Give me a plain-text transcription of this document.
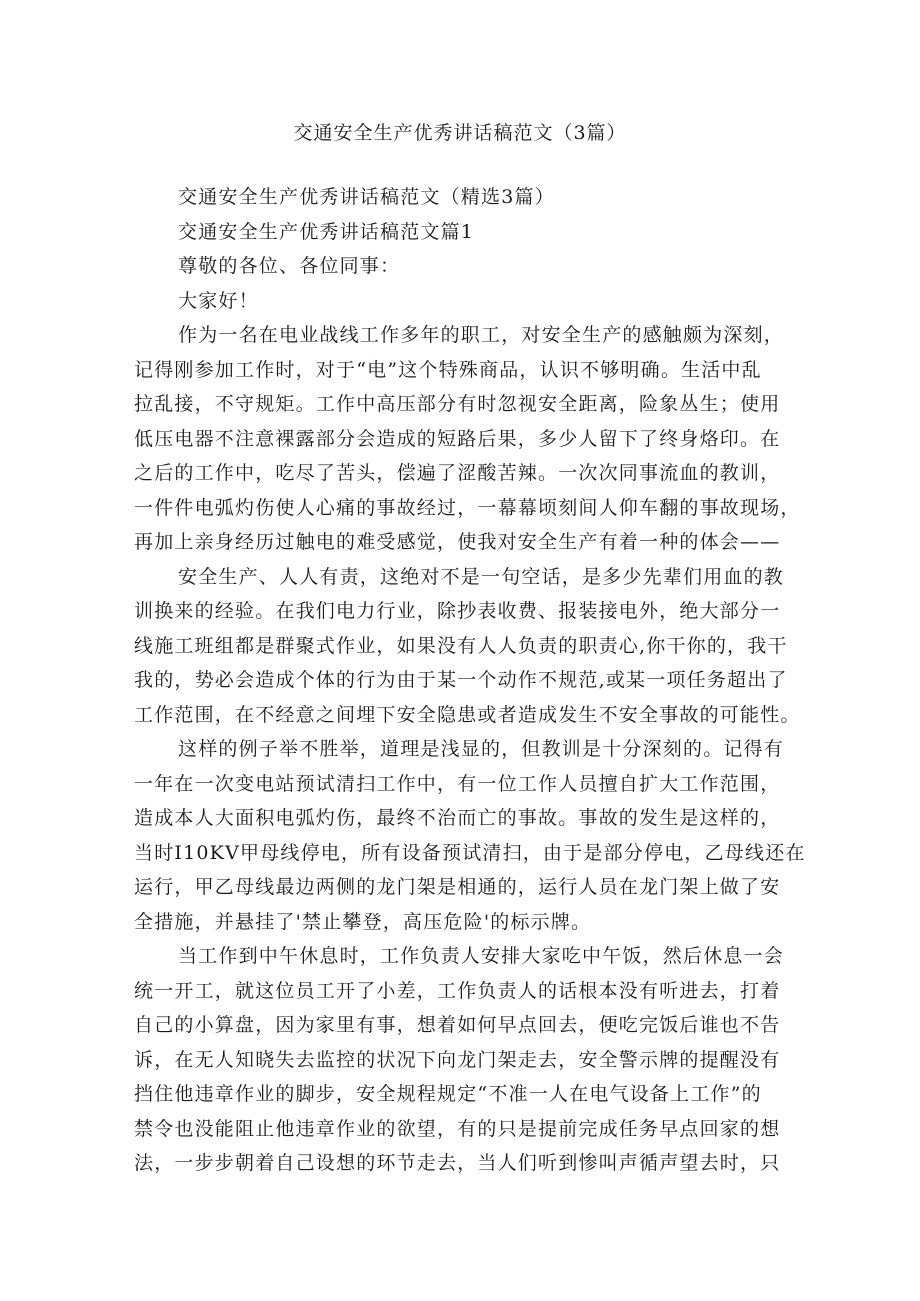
交通安全生产优秀讲话稿范文（3篇）
交通安全生产优秀讲话稿范文（精选3篇）
交通安全生产优秀讲话稿范文篇1
尊敬的各位、各位同事：
大家好！
作为一名在电业战线工作多年的职工，对安全生产的感触颇为深刻，
记得刚参加工作时，对于“电”这个特殊商品，认识不够明确。生活中乱
拉乱接，不守规矩。工作中高压部分有时忽视安全距离，险象丛生；使用
低压电器不注意裸露部分会造成的短路后果，多少人留下了终身烙印。在
之后的工作中，吃尽了苦头，偿遍了涩酸苦辣。一次次同事流血的教训，
一件件电弧灼伤使人心痛的事故经过，一幕幕顷刻间人仰车翻的事故现场，
再加上亲身经历过触电的难受感觉，使我对安全生产有着一种的体会——
安全生产、人人有责，这绝对不是一句空话，是多少先辈们用血的教
训换来的经验。在我们电力行业，除抄表收费、报装接电外，绝大部分一
线施工班组都是群聚式作业，如果没有人人负责的职责心,你干你的，我干
我的，势必会造成个体的行为由于某一个动作不规范,或某一项任务超出了
工作范围，在不经意之间埋下安全隐患或者造成发生不安全事故的可能性。
这样的例子举不胜举，道理是浅显的，但教训是十分深刻的。记得有
一年在一次变电站预试清扫工作中，有一位工作人员擅自扩大工作范围，
造成本人大面积电弧灼伤，最终不治而亡的事故。事故的发生是这样的，
当时I10KV甲母线停电，所有设备预试清扫，由于是部分停电，乙母线还在
运行，甲乙母线最边两侧的龙门架是相通的，运行人员在龙门架上做了安
全措施，并悬挂了'禁止攀登，高压危险'的标示牌。
当工作到中午休息时，工作负责人安排大家吃中午饭，然后休息一会
统一开工，就这位员工开了小差，工作负责人的话根本没有听进去，打着
自己的小算盘，因为家里有事，想着如何早点回去，便吃完饭后谁也不告
诉，在无人知晓失去监控的状况下向龙门架走去，安全警示牌的提醒没有
挡住他违章作业的脚步，安全规程规定“不准一人在电气设备上工作”的
禁令也没能阻止他违章作业的欲望，有的只是提前完成任务早点回家的想
法，一步步朝着自己设想的环节走去，当人们听到惨叫声循声望去时，只
